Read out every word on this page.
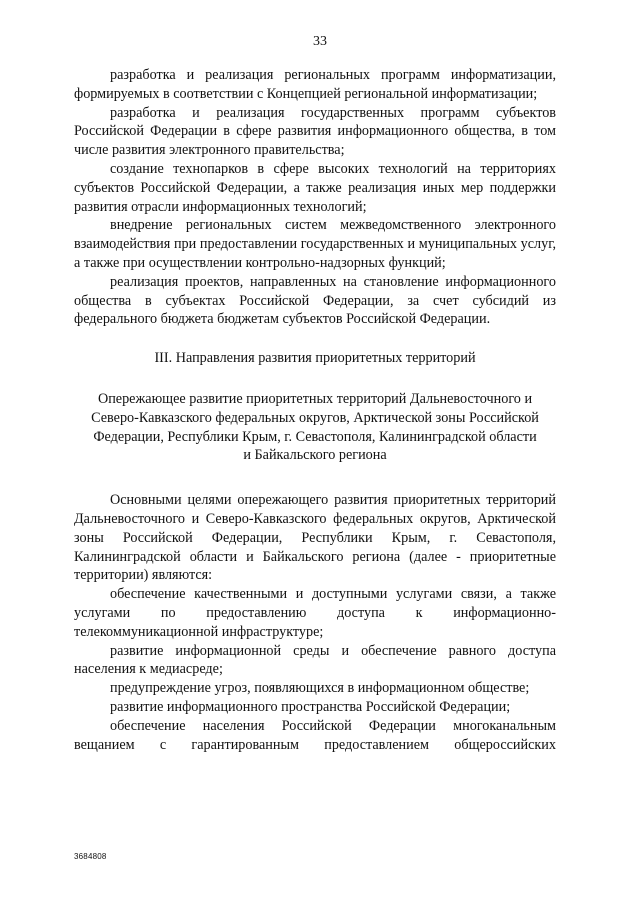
33

разработка и реализация региональных программ информатизации, формируемых в соответствии с Концепцией региональной информатизации;

разработка и реализация государственных программ субъектов Российской Федерации в сфере развития информационного общества, в том числе развития электронного правительства;

создание технопарков в сфере высоких технологий на территориях субъектов Российской Федерации, а также реализация иных мер поддержки развития отрасли информационных технологий;

внедрение региональных систем межведомственного электронного взаимодействия при предоставлении государственных и муниципальных услуг, а также при осуществлении контрольно-надзорных функций;

реализация проектов, направленных на становление информационного общества в субъектах Российской Федерации, за счет субсидий из федерального бюджета бюджетам субъектов Российской Федерации.

III. Направления развития приоритетных территорий

Опережающее развитие приоритетных территорий Дальневосточного и

Северо-Кавказского федеральных округов, Арктической зоны Российской

Федерации, Республики Крым, г. Севастополя, Калининградской области

и Байкальского региона

Основными целями опережающего развития приоритетных территорий Дальневосточного и Северо-Кавказского федеральных округов, Арктической зоны Российской Федерации, Республики Крым, г. Севастополя, Калининградской области и Байкальского региона (далее - приоритетные территории) являются:

обеспечение качественными и доступными услугами связи, а также услугами по предоставлению доступа к информационно-телекоммуникационной инфраструктуре;

развитие информационной среды и обеспечение равного доступа населения к медиасреде;

предупреждение угроз, появляющихся в информационном обществе;

развитие информационного пространства Российской Федерации;

обеспечение населения Российской Федерации многоканальным вещанием с гарантированным предоставлением общероссийских

3684808
